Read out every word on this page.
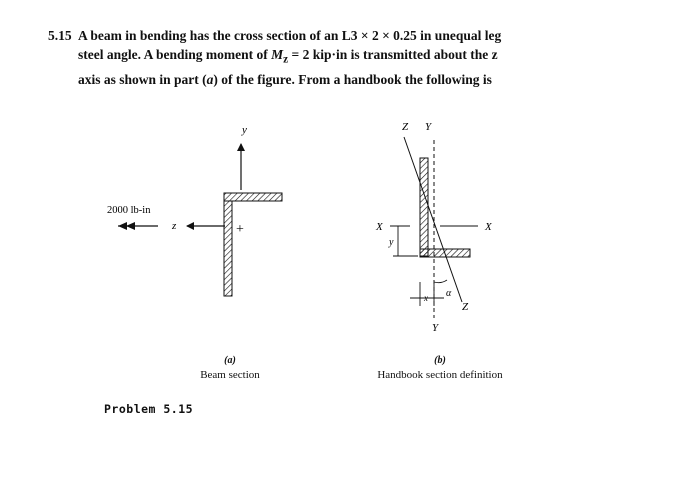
5.15 A beam in bending has the cross section of an L3 × 2 × 0.25 in unequal leg
steel angle. A bending moment of $M_z = 2$ kip·in is transmitted about the z
axis as shown in part (a) of the figure. From a handbook the following is
y
+
z
2000 lb-in
Z Y
X	X
y
x α
Z
Y
(a)
Beam section
(b)
Handbook section definition
Problem 5.15
